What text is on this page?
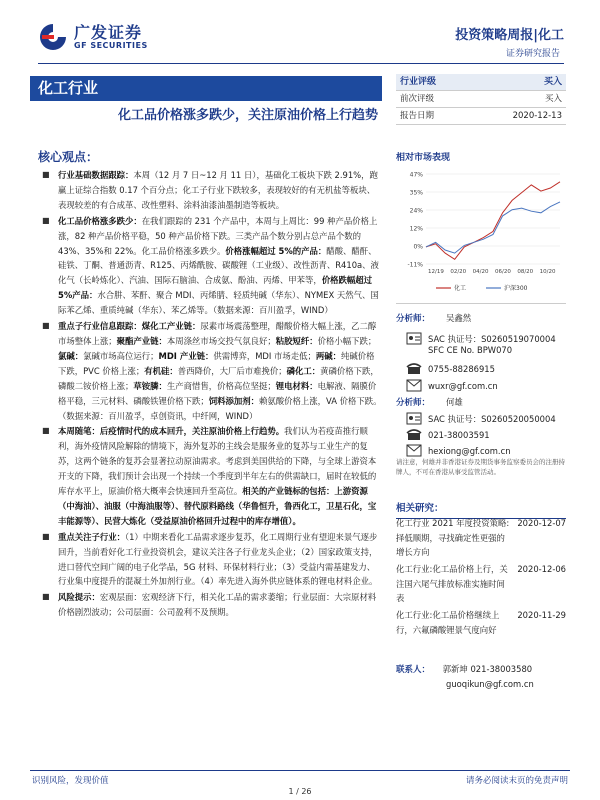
广发证券
GF SECURITIES
投资策略周报|化工
证券研究报告
化工行业
化工品价格涨多跌少，关注原油价格上行趋势
核心观点：
■ 行业基础数据跟踪：本周（12 月 7 日~12 月 11 日），基础化工板块下跌 2.91%，跑赢上证综合指数 0.17 个百分点；化工子行业下跌较多，表现较好的有无机盐等板块、表现较差的有合成革、改性塑料、涂料油漆油墨制造等板块。
■ 化工品价格涨多跌少：在我们跟踪的 231 个产品中，本周与上周比：99 种产品价格上涨，82 种产品价格平稳，50 种产品价格下跌。三类产品个数分别占总产品个数的 43%、35%和 22%。化工品价格涨多跌少。价格涨幅超过 5%的产品：醋酸、醋酐、硅铁、丁酮、普通沥青、R125、丙烯酰胺、碳酸锂（工业级）、改性沥青、R410a、液化气（长岭炼化）、汽油、国际石脑油、合成氨、酚油、丙烯、甲苯等，价格跌幅超过 5%产品：水合肼、苯酐、聚合 MDI、丙烯腈、轻质纯碱（华东）、NYMEX 天然气、国际苯乙烯、重质纯碱（华东）、苯乙烯等。（数据来源：百川盈孚，WIND）
■ 重点子行业信息跟踪：煤化工产业链：尿素市场震荡整理，醋酸价格大幅上涨，乙二醇市场整体上涨；聚酯产业链：本周涤丝市场交投气氛良好；粘胶短纤：价格小幅下跌；氯碱：氯碱市场高位运行；MDI 产业链：供需博弈，MDI 市场走低；两碱：纯碱价格下跌，PVC 价格上涨；有机硅：普西降价，大厂后市难挽价；磷化工：黄磷价格下跌，磷酸二铵价格上涨；草铵膦：生产商惜售，价格高位坚挺；锂电材料：电解液、隔膜价格平稳，三元材料、磷酸铁锂价格下跌；饲料添加剂：赖氨酸价格上涨，VA 价格下跌。（数据来源：百川盈孚，卓创资讯，中纤网，WIND）
■ 本周随笔：后疫情时代的成本回升，关注原油价格上行趋势。我们认为若疫苗推行顺利，海外疫情风险解除的情境下，海外复苏的主线会是服务业的复苏与工业生产的复苏，这两个链条的复苏会显著拉动原油需求。考虑到美国供给的下降，与全球上游资本开支的下降，我们预计会出现一个持续一个季度到半年左右的供需缺口，届时在较低的库存水平上，原油价格大概率会快速回升至高位。相关的产业链标的包括：上游资源（中海油）、油服（中海油服等）、替代原料路线（华鲁恒升，鲁西化工，卫星石化，宝丰能源等）、民营大炼化（受益原油价格回升过程中的库存增值）。
■ 重点关注子行业：（1）中期来看化工品需求逐步复苏，化工周期行业有望迎来景气逐步回升，当前看好化工行业投资机会，建议关注各子行业龙头企业；（2）国家政策支持，进口替代空间广阔的电子化学品，5G 材料、环保材料行业；（3）受益内需基建发力、行业集中度提升的混凝土外加剂行业。（4）率先进入海外供应链体系的锂电材料企业。
■ 风险提示：宏观层面：宏观经济下行，相关化工品的需求萎缩；行业层面：大宗原材料价格剧烈波动；公司层面：公司盈利不及预期。
行业评级	买入
前次评级	买入
报告日期	2020-12-13
相对市场表现
47%
35%
24%
12%
0%
-11%
12/19 02/20 04/20 06/20 08/20 10/20
化工	沪深300
分析师： 吴鑫然
SAC 执证号：S0260519070004
SFC CE No. BPW070
0755-88286915
wuxr@gf.com.cn
分析师： 何雄
SAC 执证号：S0260520050004
021-38003591
hexiong@gf.com.cn
请注意，何雄并非香港证券及期货事务监察委员会的注册持牌人，不可在香港从事受监管活动。
相关研究：
化工行业 2021 年度投资策略:择低顺期，寻找确定性更强的增长方向
2020-12-07
化工行业:化工品价格上行，关注国六尾气排放标准实施时间表
2020-12-06
化工行业:化工品价格继续上行，六氟磷酸锂景气度向好
2020-11-29
联系人： 郭新坤 021-38003580
guoqikun@gf.com.cn
识别风险，发现价值	请务必阅读末页的免责声明
1 / 26
